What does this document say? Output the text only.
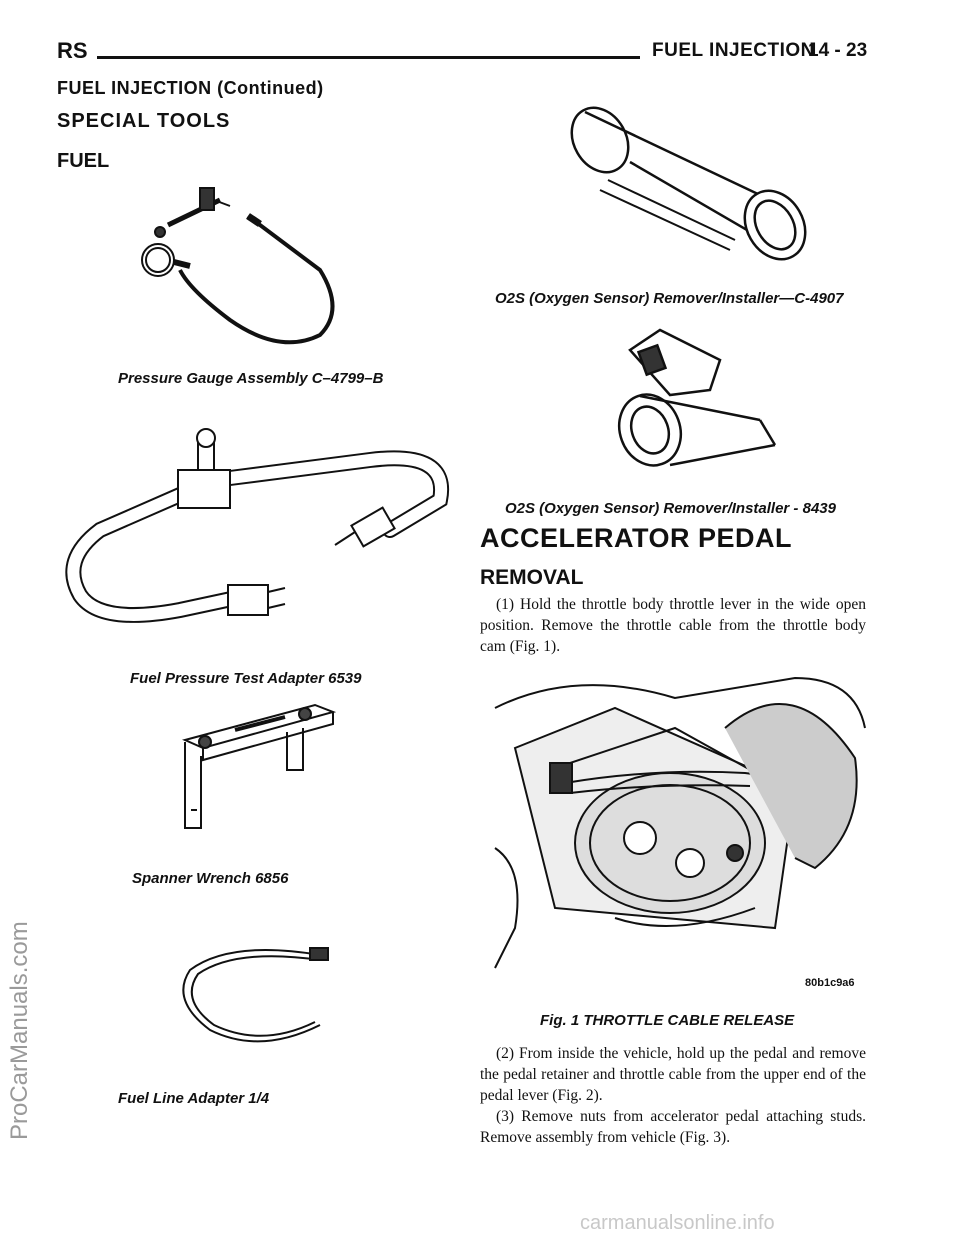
RS	FUEL INJECTION
14 - 23
FUEL INJECTION (Continued)
SPECIAL TOOLS
FUEL
Pressure Gauge Assembly C–4799–B
Fuel Pressure Test Adapter 6539
Spanner Wrench 6856
Fuel Line Adapter 1/4
O2S (Oxygen Sensor) Remover/Installer—C-4907
O2S (Oxygen Sensor) Remover/Installer - 8439
ACCELERATOR PEDAL
REMOVAL
(1) Hold the throttle body throttle lever in the wide open position. Remove the throttle cable from the throttle body cam (Fig. 1).
80b1c9a6
Fig. 1 THROTTLE CABLE RELEASE
(2) From inside the vehicle, hold up the pedal and remove the pedal retainer and throttle cable from the upper end of the pedal lever (Fig. 2).
(3) Remove nuts from accelerator pedal attaching studs. Remove assembly from vehicle (Fig. 3).
ProCarManuals.com
carmanualsonline.info
